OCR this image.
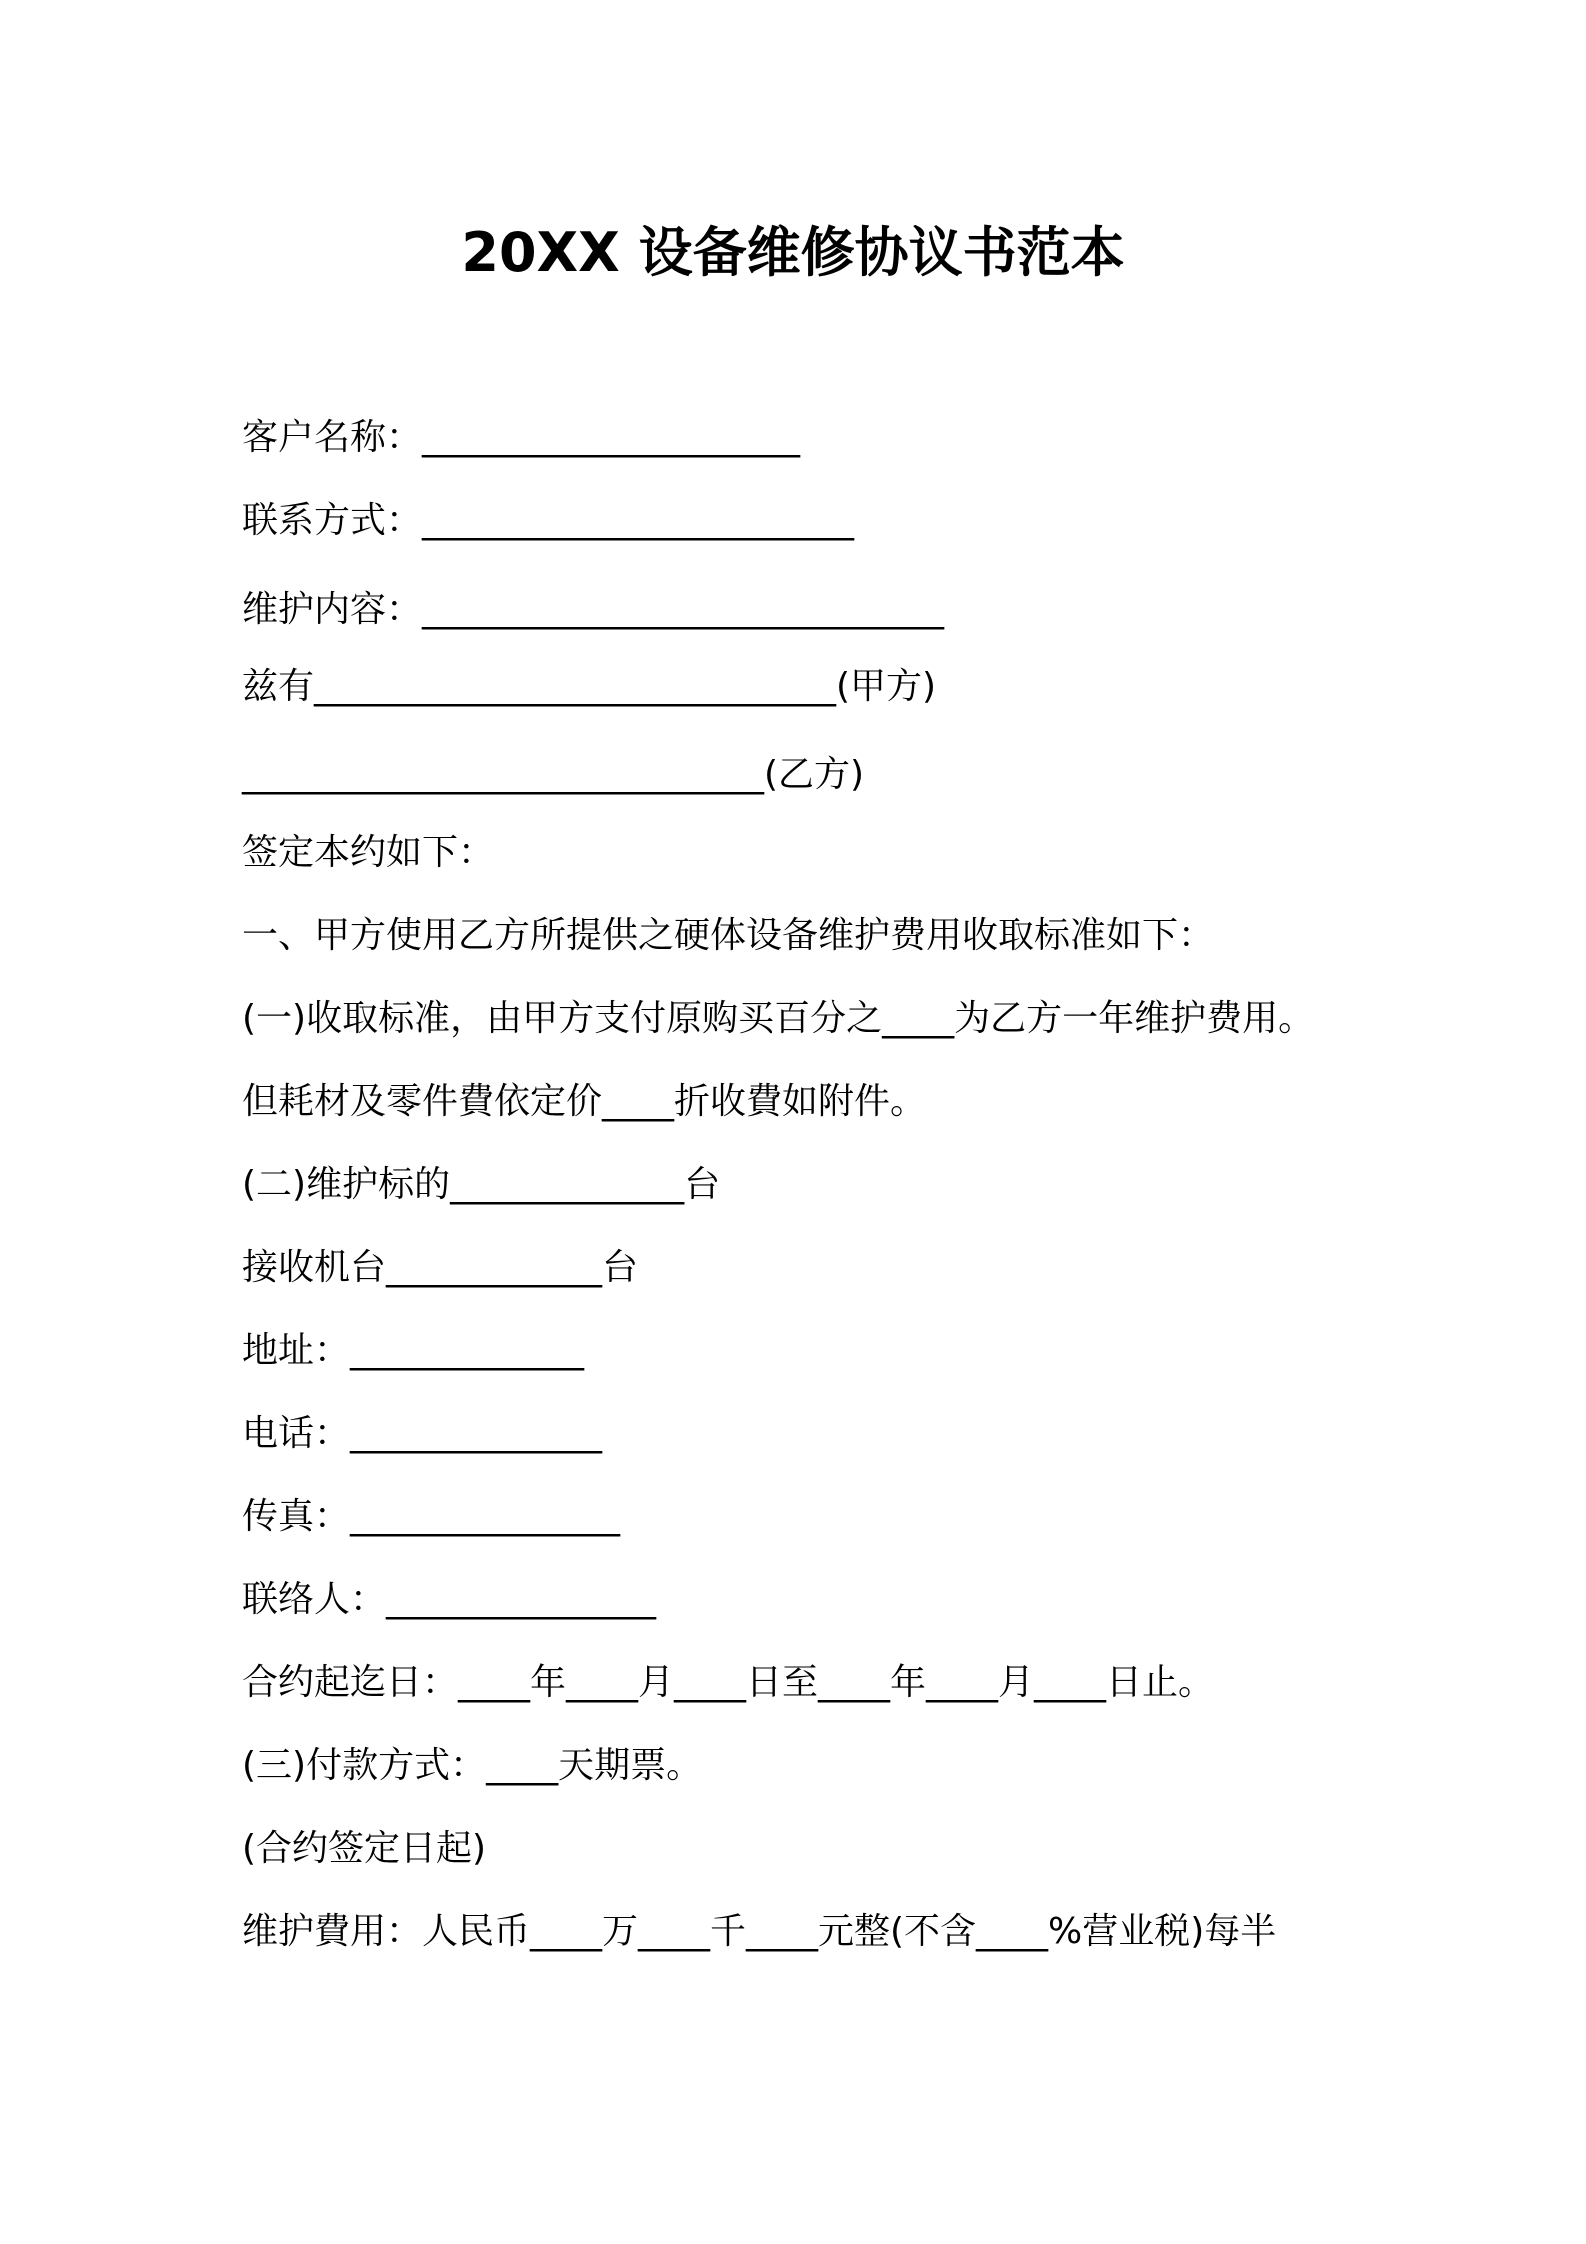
20XX 设备维修协议书范本
客户名称：_____________________
联系方式：________________________
维护内容：_____________________________
兹有_____________________________(甲方)
_____________________________(乙方)
签定本约如下：
一、甲方使用乙方所提供之硬体设备维护费用收取标准如下：
(一)收取标准，由甲方支付原购买百分之____为乙方一年维护费用。
但耗材及零件費依定价____折收費如附件。
(二)维护标的_____________台
接收机台____________台
地址：_____________
电话：______________
传真：_______________
联络人：_______________
合约起迄日：____年____月____日至____年____月____日止。
(三)付款方式：____天期票。
(合约签定日起)
维护費用：人民币____万____千____元整(不含____%营业税)每半
